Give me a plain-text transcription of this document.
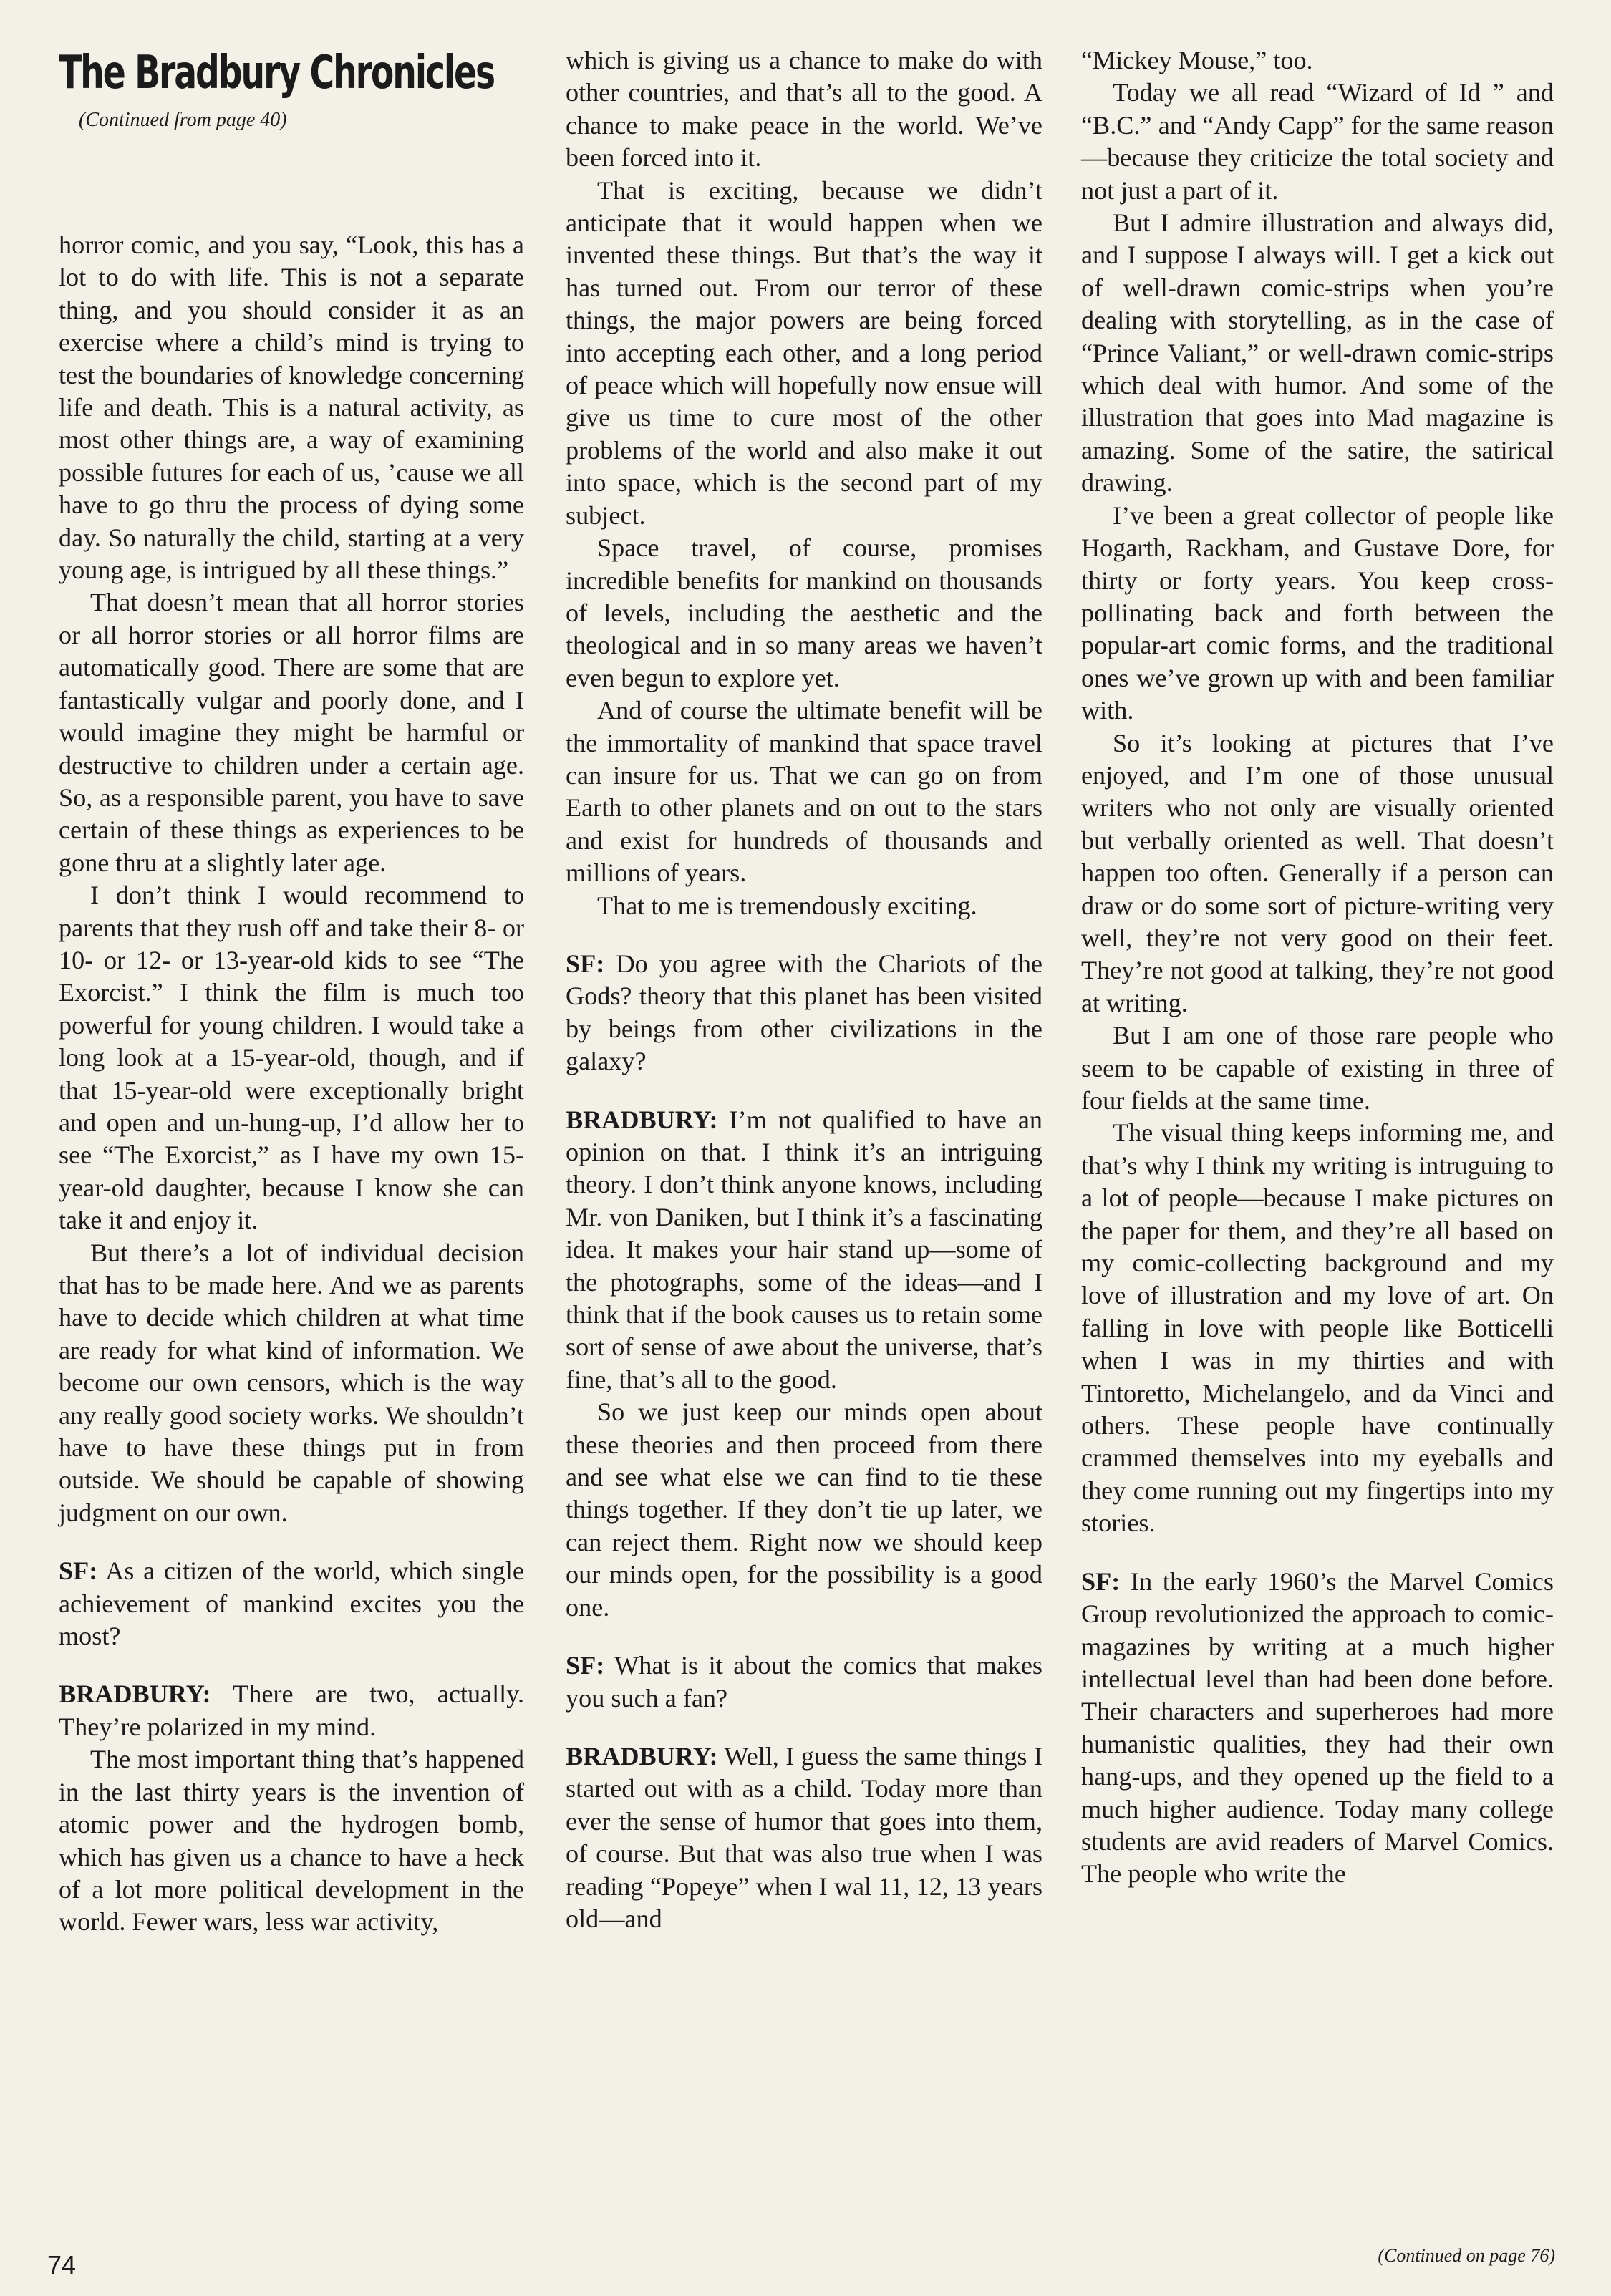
The Bradbury Chronicles
(Continued from page 40)

horror comic, and you say, “Look, this has a lot to do with life. This is not a separate thing, and you should consider it as an exercise where a child’s mind is trying to test the boundaries of knowledge concerning life and death. This is a natural activity, as most other things are, a way of examining possible futures for each of us, ’cause we all have to go thru the process of dying some day. So naturally the child, starting at a very young age, is intrigued by all these things.”

That doesn’t mean that all horror stories or all horror stories or all horror films are automatically good. There are some that are fantastically vulgar and poorly done, and I would imagine they might be harmful or destructive to children under a certain age. So, as a responsible parent, you have to save certain of these things as experiences to be gone thru at a slightly later age.

I don’t think I would recommend to parents that they rush off and take their 8- or 10- or 12- or 13-year-old kids to see “The Exorcist.” I think the film is much too powerful for young children. I would take a long look at a 15-year-old, though, and if that 15-year-old were exceptionally bright and open and un-hung-up, I’d allow her to see “The Exorcist,” as I have my own 15-year-old daughter, because I know she can take it and enjoy it.

But there’s a lot of individual decision that has to be made here. And we as parents have to decide which children at what time are ready for what kind of information. We become our own censors, which is the way any really good society works. We shouldn’t have to have these things put in from outside. We should be capable of showing judgment on our own.

SF: As a citizen of the world, which single achievement of mankind excites you the most?

BRADBURY: There are two, actually. They’re polarized in my mind.

The most important thing that’s happened in the last thirty years is the invention of atomic power and the hydrogen bomb, which has given us a chance to have a heck of a lot more political development in the world. Fewer wars, less war activity,

which is giving us a chance to make do with other countries, and that’s all to the good. A chance to make peace in the world. We’ve been forced into it.

That is exciting, because we didn’t anticipate that it would happen when we invented these things. But that’s the way it has turned out. From our terror of these things, the major powers are being forced into accepting each other, and a long period of peace which will hopefully now ensue will give us time to cure most of the other problems of the world and also make it out into space, which is the second part of my subject.

Space travel, of course, promises incredible benefits for mankind on thousands of levels, including the aesthetic and the theological and in so many areas we haven’t even begun to explore yet.

And of course the ultimate benefit will be the immortality of mankind that space travel can insure for us. That we can go on from Earth to other planets and on out to the stars and exist for hundreds of thousands and millions of years.

That to me is tremendously exciting.

SF: Do you agree with the Chariots of the Gods? theory that this planet has been visited by beings from other civilizations in the galaxy?

BRADBURY: I’m not qualified to have an opinion on that. I think it’s an intriguing theory. I don’t think anyone knows, including Mr. von Daniken, but I think it’s a fascinating idea. It makes your hair stand up—some of the photographs, some of the ideas—and I think that if the book causes us to retain some sort of sense of awe about the universe, that’s fine, that’s all to the good.

So we just keep our minds open about these theories and then proceed from there and see what else we can find to tie these things together. If they don’t tie up later, we can reject them. Right now we should keep our minds open, for the possibility is a good one.

SF: What is it about the comics that makes you such a fan?

BRADBURY: Well, I guess the same things I started out with as a child. Today more than ever the sense of humor that goes into them, of course. But that was also true when I was reading “Popeye” when I wal 11, 12, 13 years old—and

“Mickey Mouse,” too.

Today we all read “Wizard of Id ” and “B.C.” and “Andy Capp” for the same reason—because they criticize the total society and not just a part of it.

But I admire illustration and always did, and I suppose I always will. I get a kick out of well-drawn comic-strips when you’re dealing with storytelling, as in the case of “Prince Valiant,” or well-drawn comic-strips which deal with humor. And some of the illustration that goes into Mad magazine is amazing. Some of the satire, the satirical drawing.

I’ve been a great collector of people like Hogarth, Rackham, and Gustave Dore, for thirty or forty years. You keep cross-pollinating back and forth between the popular-art comic forms, and the traditional ones we’ve grown up with and been familiar with.

So it’s looking at pictures that I’ve enjoyed, and I’m one of those unusual writers who not only are visually oriented but verbally oriented as well. That doesn’t happen too often. Generally if a person can draw or do some sort of picture-writing very well, they’re not very good on their feet. They’re not good at talking, they’re not good at writing.

But I am one of those rare people who seem to be capable of existing in three of four fields at the same time.

The visual thing keeps informing me, and that’s why I think my writing is intruguing to a lot of people—because I make pictures on the paper for them, and they’re all based on my comic-collecting background and my love of illustration and my love of art. On falling in love with people like Botticelli when I was in my thirties and with Tintoretto, Michelangelo, and da Vinci and others. These people have continually crammed themselves into my eyeballs and they come running out my fingertips into my stories.

SF: In the early 1960’s the Marvel Comics Group revolutionized the approach to comic-magazines by writing at a much higher intellectual level than had been done before. Their characters and superheroes had more humanistic qualities, they had their own hang-ups, and they opened up the field to a much higher audience. Today many college students are avid readers of Marvel Comics. The people who write the

74	(Continued on page 76)
